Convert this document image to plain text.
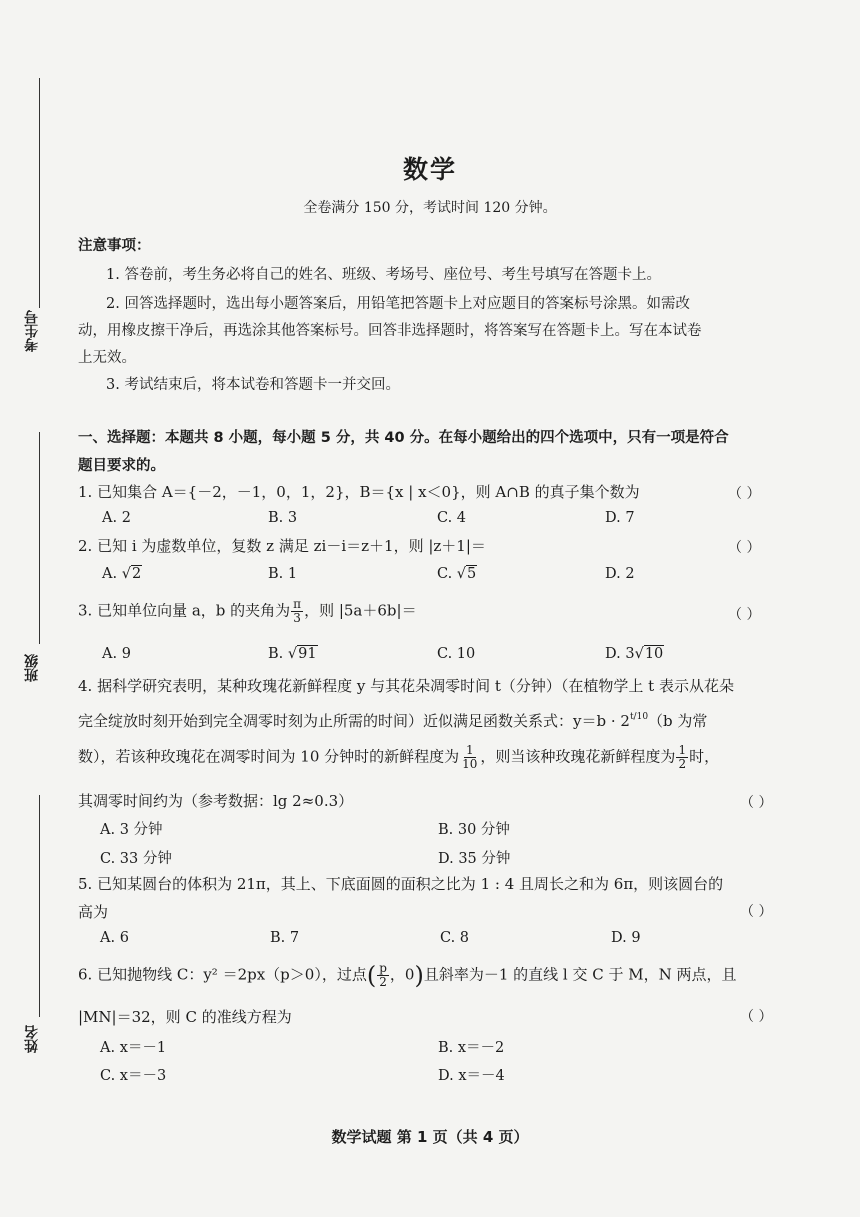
考生号
班级
姓名
数学
全卷满分 150 分，考试时间 120 分钟。
注意事项：
1. 答卷前，考生务必将自己的姓名、班级、考场号、座位号、考生号填写在答题卡上。
2. 回答选择题时，选出每小题答案后，用铅笔把答题卡上对应题目的答案标号涂黑。如需改
动，用橡皮擦干净后，再选涂其他答案标号。回答非选择题时，将答案写在答题卡上。写在本试卷
上无效。
3. 考试结束后，将本试卷和答题卡一并交回。
一、选择题：本题共 8 小题，每小题 5 分，共 40 分。在每小题给出的四个选项中，只有一项是符合
题目要求的。
1. 已知集合 A＝{－2，－1，0，1，2}，B＝{x | x＜0}，则 A∩B 的真子集个数为	（ ）
A. 2	B. 3	C. 4	D. 7
2. 已知 i 为虚数单位，复数 z 满足 zi－i＝z＋1，则 |z＋1|＝	（ ）
A. √2	B. 1	C. √5	D. 2
3. 已知单位向量 a，b 的夹角为 $\frac{\pi}{3}$ ，则 |5a＋6b|＝	（ ）
A. 9	B. √91	C. 10	D. 3√10
4. 据科学研究表明，某种玫瑰花新鲜程度 y 与其花朵凋零时间 t（分钟）（在植物学上 t 表示从花朵
完全绽放时刻开始到完全凋零时刻为止所需的时间）近似满足函数关系式：$y=b \cdot 2^{t/10}(b$ 为常
数），若该种玫瑰花在凋零时间为 10 分钟时的新鲜程度为 $\frac{1}{10}$ ，则当该种玫瑰花新鲜程度为 $\frac{1}{2}$ 时，
其凋零时间约为（参考数据：lg 2≈0.3）	（ ）
A. 3 分钟	B. 30 分钟
C. 33 分钟	D. 35 分钟
5. 已知某圆台的体积为 21π，其上、下底面圆的面积之比为 1 : 4 且周长之和为 6π，则该圆台的
高为	（ ）
A. 6	B. 7	C. 8	D. 9
6. 已知抛物线 C：y² ＝2px（p＞0），过点( $\frac{p}{2}$ ，0)且斜率为－1 的直线 l 交 C 于 M，N 两点，且
|MN|＝32，则 C 的准线方程为	（ ）
A. x＝－1	B. x＝－2
C. x＝－3	D. x＝－4
数学试题 第 1 页（共 4 页）
